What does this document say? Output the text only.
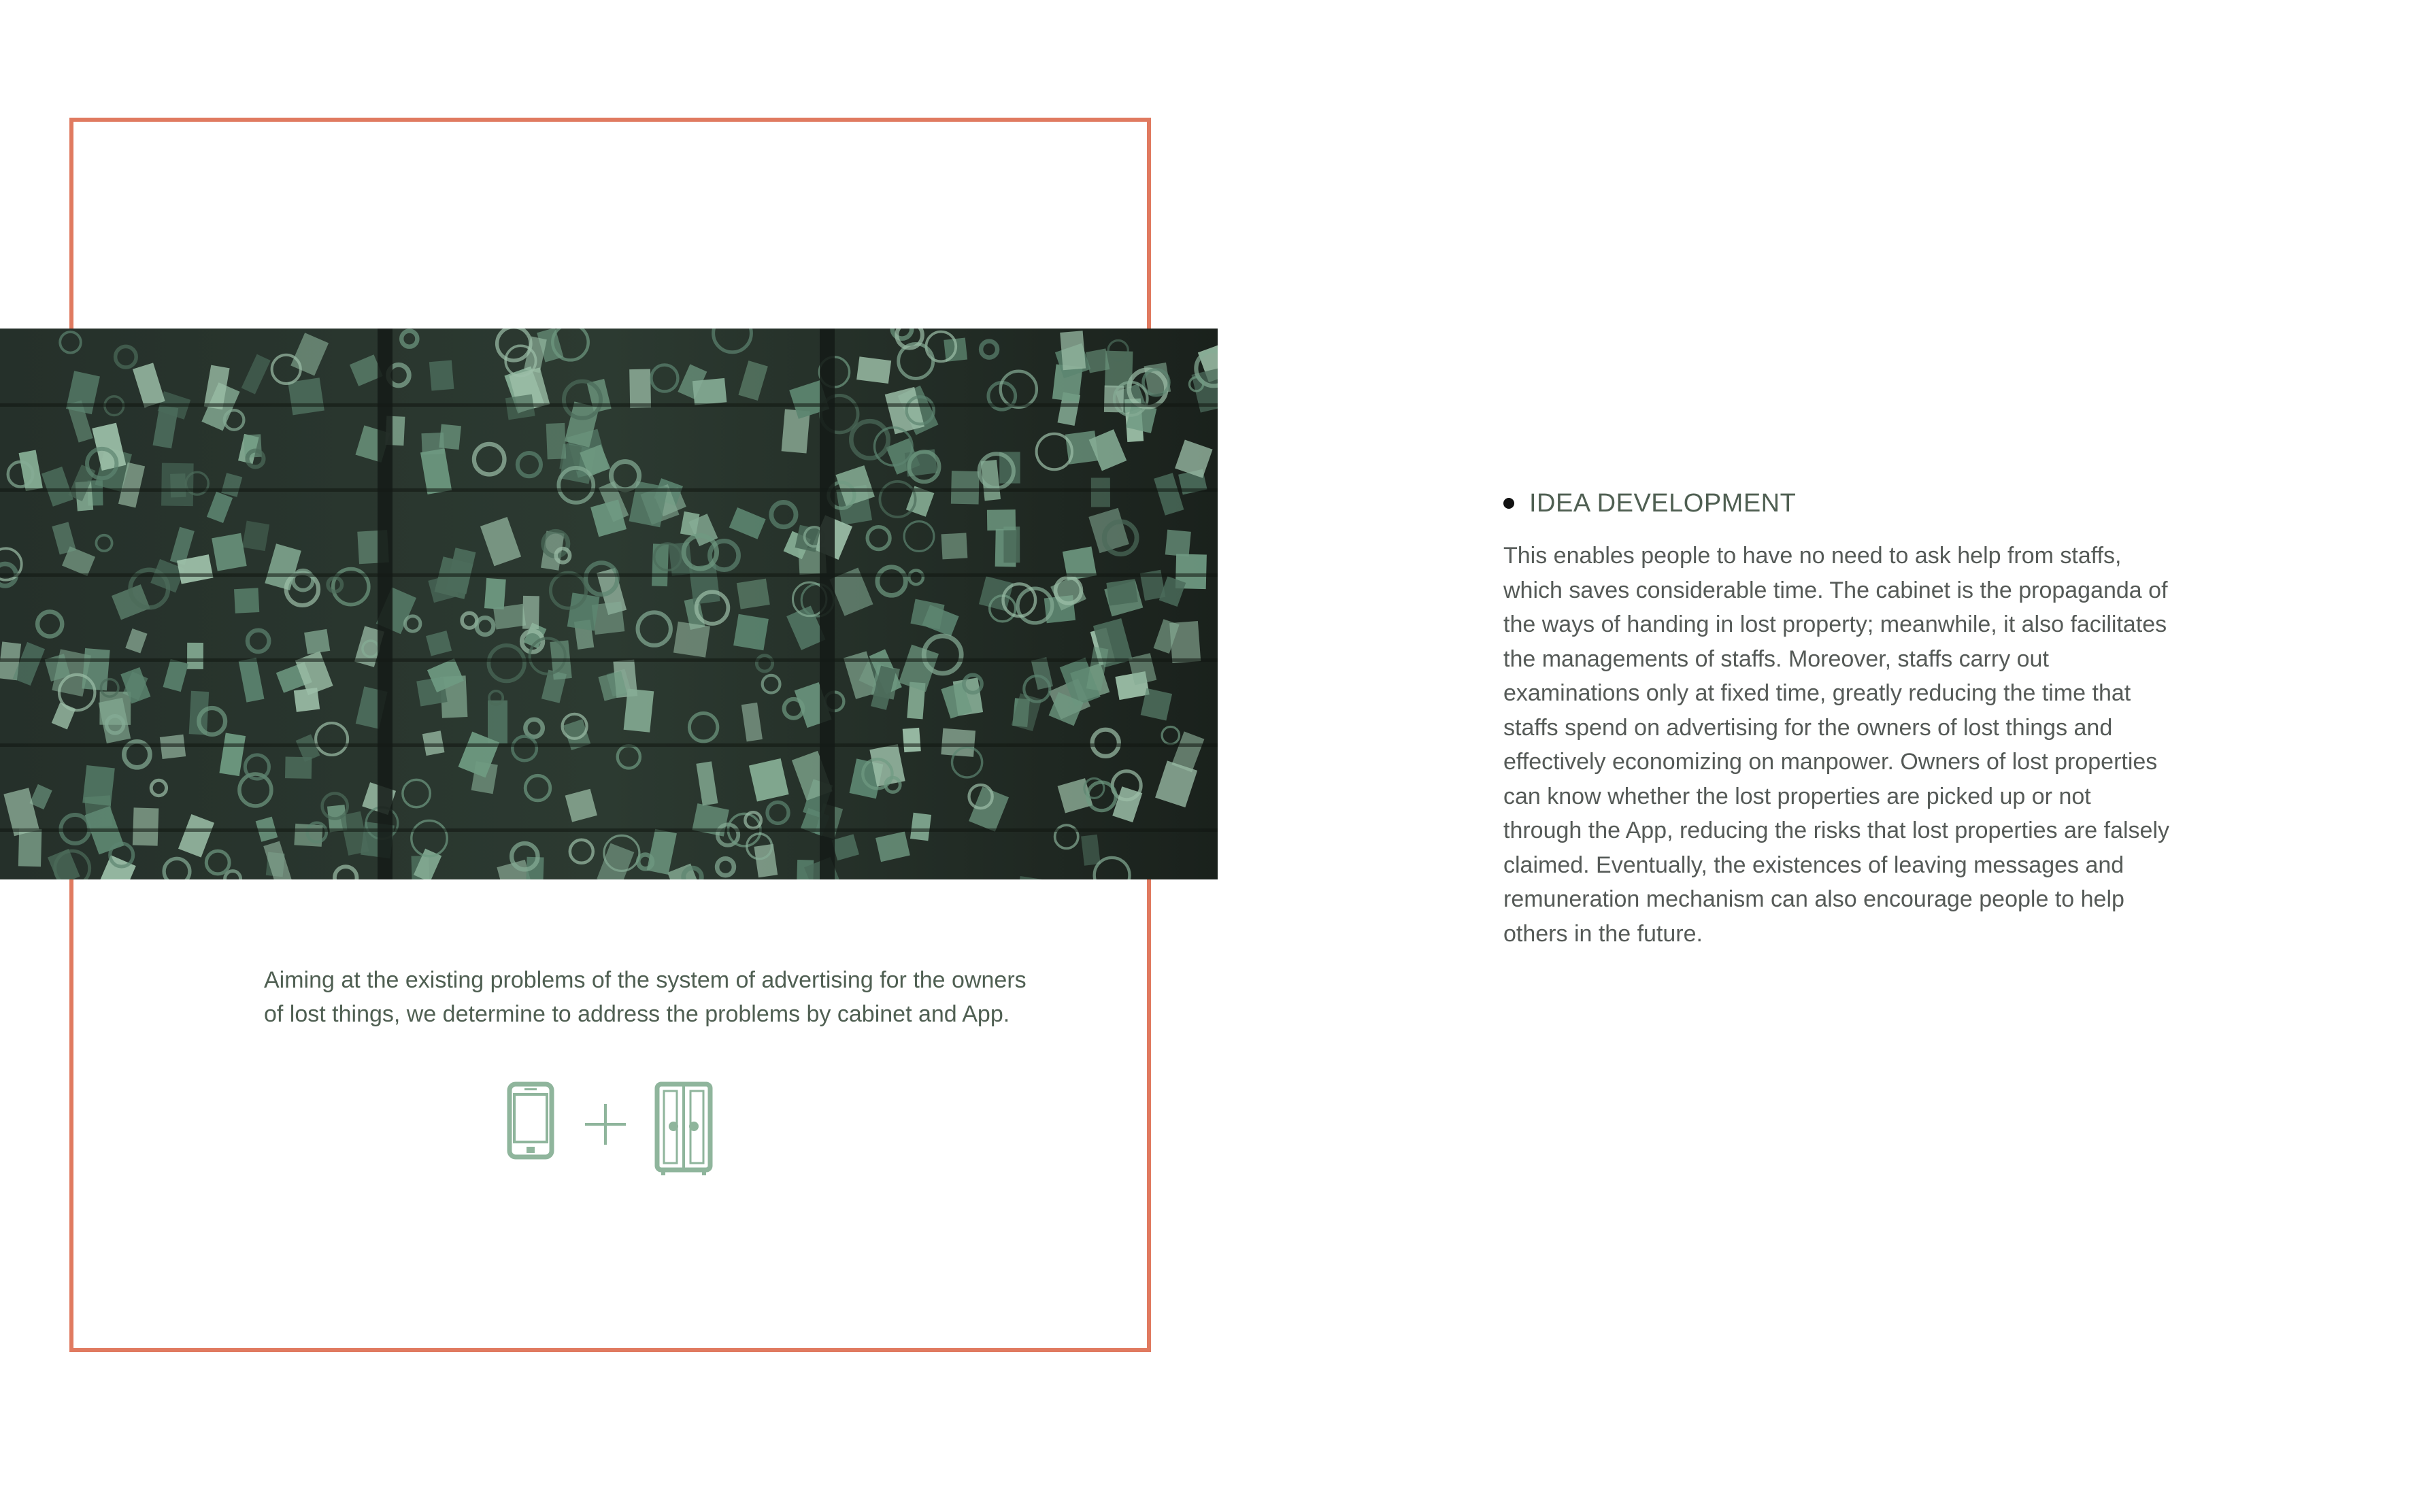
Aiming at the existing problems of the system of advertising for the owners of lost things, we determine to address the problems by cabinet and App.

IDEA DEVELOPMENT

This enables people to have no need to ask help from staffs, which saves considerable time. The cabinet is the propaganda of the ways of handing in lost property; meanwhile, it also facilitates the managements of staffs. Moreover, staffs carry out examinations only at fixed time, greatly reducing the time that staffs spend on advertising for the owners of lost things and effectively economizing on manpower. Owners of lost properties can know whether the lost properties are picked up or not through the App, reducing the risks that lost properties are falsely claimed. Eventually, the existences of leaving messages and remuneration mechanism can also encourage people to help others in the future.
